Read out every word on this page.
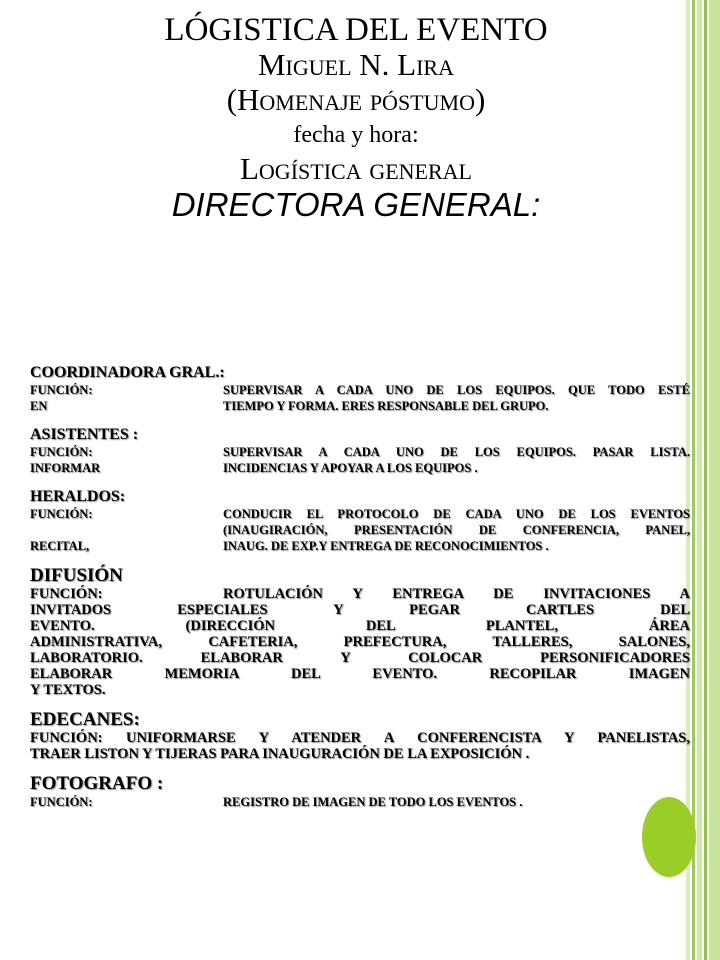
LÓGISTICA DEL EVENTO
Miguel N. Lira
(Homenaje póstumo)
fecha y hora:
Logística general
DIRECTORA GENERAL:
COORDINADORA GRAL.:
FUNCIÓN:	SUPERVISAR A CADA UNO DE LOS EQUIPOS. QUE TODO ESTÉ
EN	TIEMPO Y FORMA. ERES RESPONSABLE DEL GRUPO.
ASISTENTES :
FUNCIÓN:	SUPERVISAR A CADA UNO DE LOS EQUIPOS. PASAR LISTA.
INFORMAR	INCIDENCIAS Y APOYAR A LOS EQUIPOS .
HERALDOS:
FUNCIÓN:	CONDUCIR EL PROTOCOLO DE CADA UNO DE LOS EVENTOS
(INAUGIRACIÓN, PRESENTACIÓN DE CONFERENCIA, PANEL,
RECITAL,	INAUG. DE EXP.Y ENTREGA DE RECONOCIMIENTOS .
DIFUSIÓN
FUNCIÓN:	ROTULACIÓN Y ENTREGA DE INVITACIONES A
INVITADOS ESPECIALES Y PEGAR CARTLES DEL
EVENTO. (DIRECCIÓN DEL PLANTEL, ÁREA
ADMINISTRATIVA, CAFETERIA, PREFECTURA, TALLERES, SALONES,
LABORATORIO. ELABORAR Y COLOCAR PERSONIFICADORES
ELABORAR MEMORIA DEL EVENTO. RECOPILAR IMAGEN
Y TEXTOS.
EDECANES:
FUNCIÓN: UNIFORMARSE Y ATENDER A CONFERENCISTA Y PANELISTAS,
TRAER LISTON Y TIJERAS PARA INAUGURACIÓN DE LA EXPOSICIÓN .
FOTOGRAFO :
FUNCIÓN:	REGISTRO DE IMAGEN DE TODO LOS EVENTOS .
